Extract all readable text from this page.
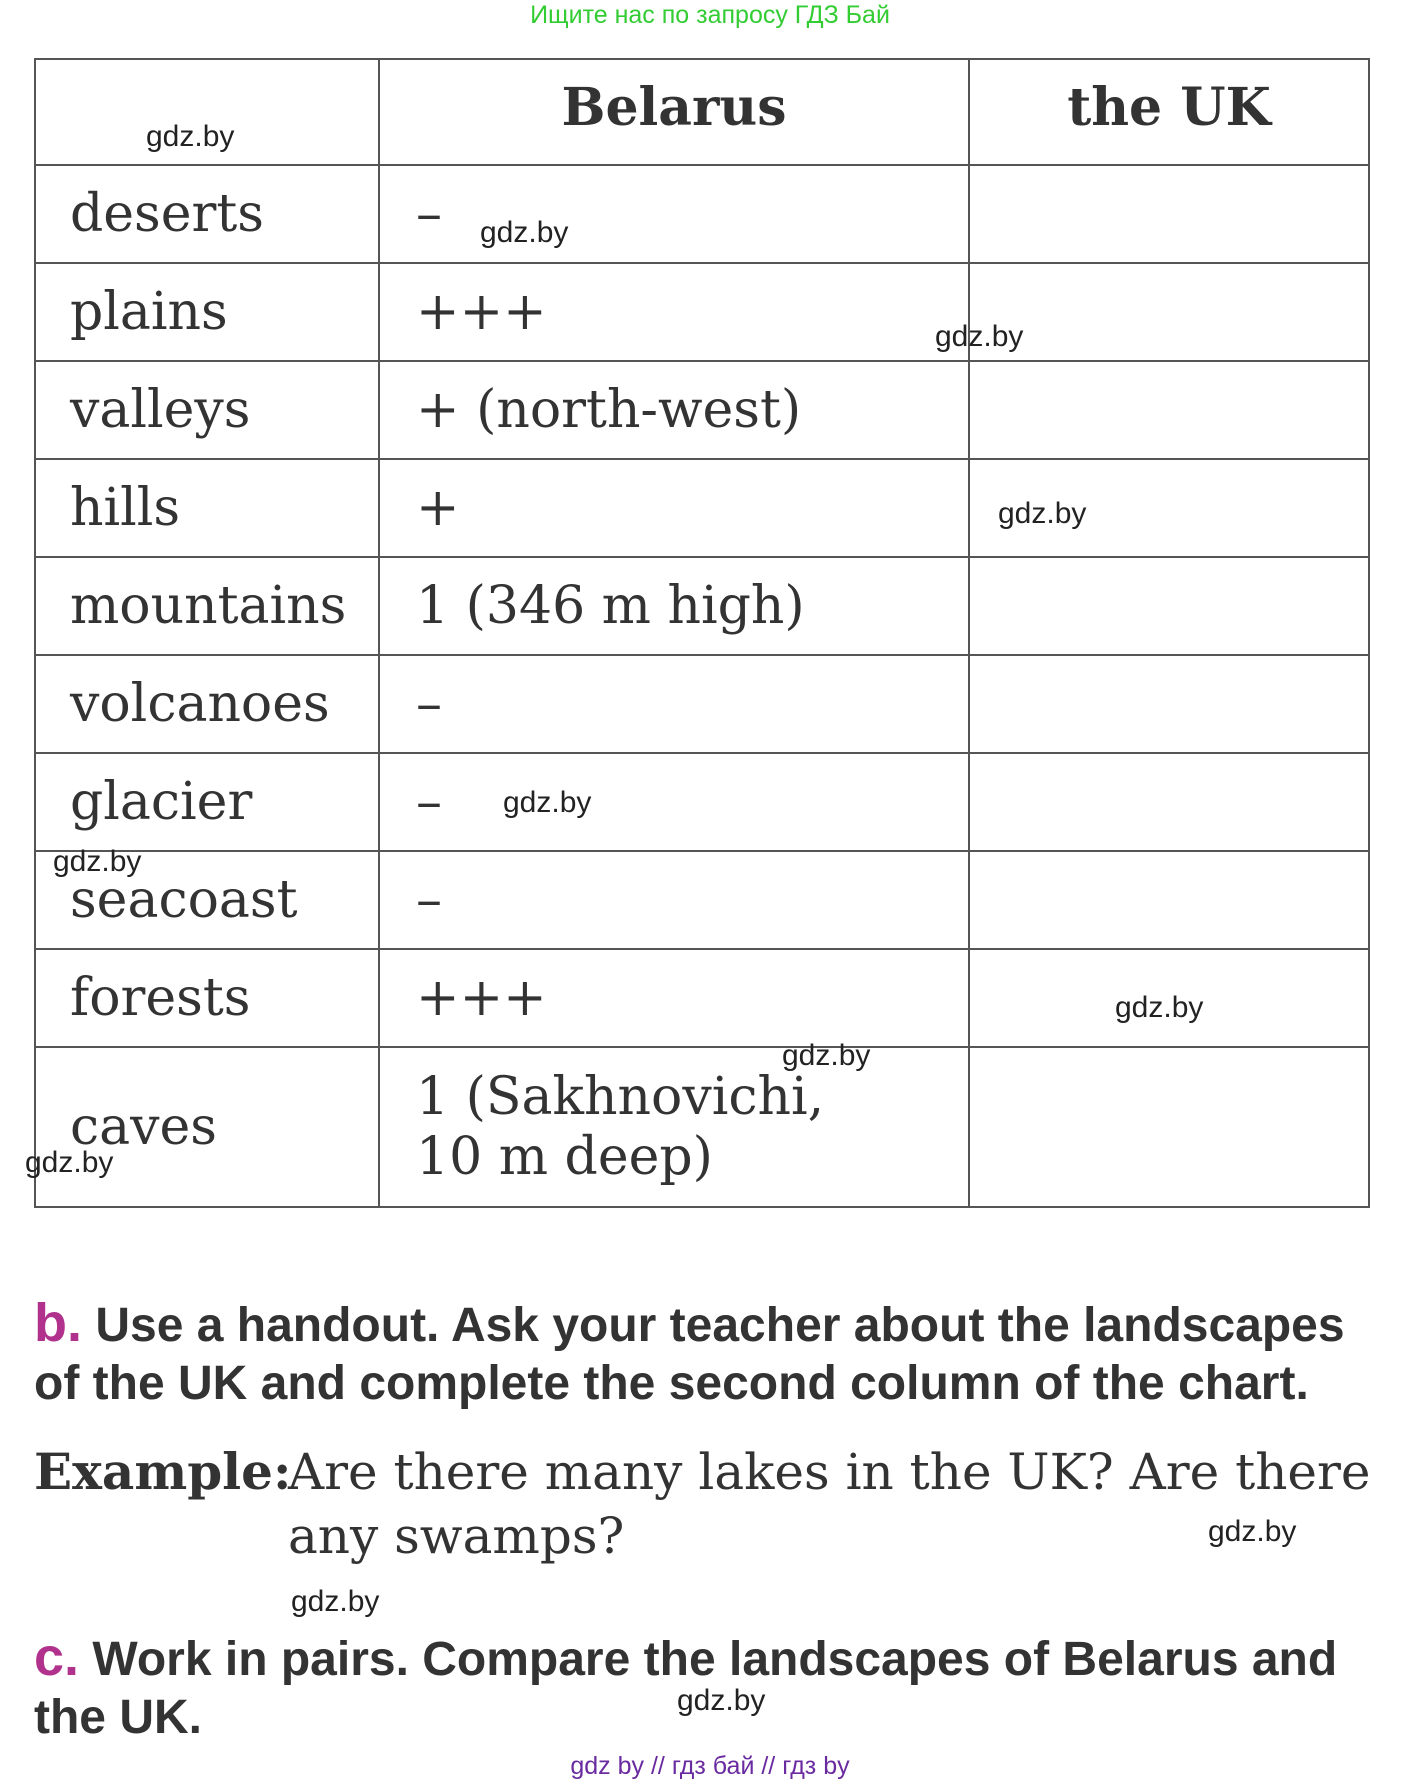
Ищите нас по запросу ГДЗ Бай
	Belarus	the UK
deserts	–	
plains	+++	
valleys	+ (north-west)	
hills	+	
mountains	1 (346 m high)	
volcanoes	–	
glacier	–	
seacoast	–	
forests	+++	
caves	1 (Sakhnovichi,
10 m deep)	

b. Use a handout. Ask your teacher about the landscapes of the UK and complete the second column of the chart.
Example:
Are there many lakes in the UK? Are there any swamps?
c. Work in pairs. Compare the landscapes of Belarus and the UK.
gdz.by
gdz.by
gdz.by
gdz.by
gdz.by
gdz.by
gdz.by
gdz.by
gdz.by
gdz.by
gdz.by
gdz.by
gdz by // гдз бай // гдз by
